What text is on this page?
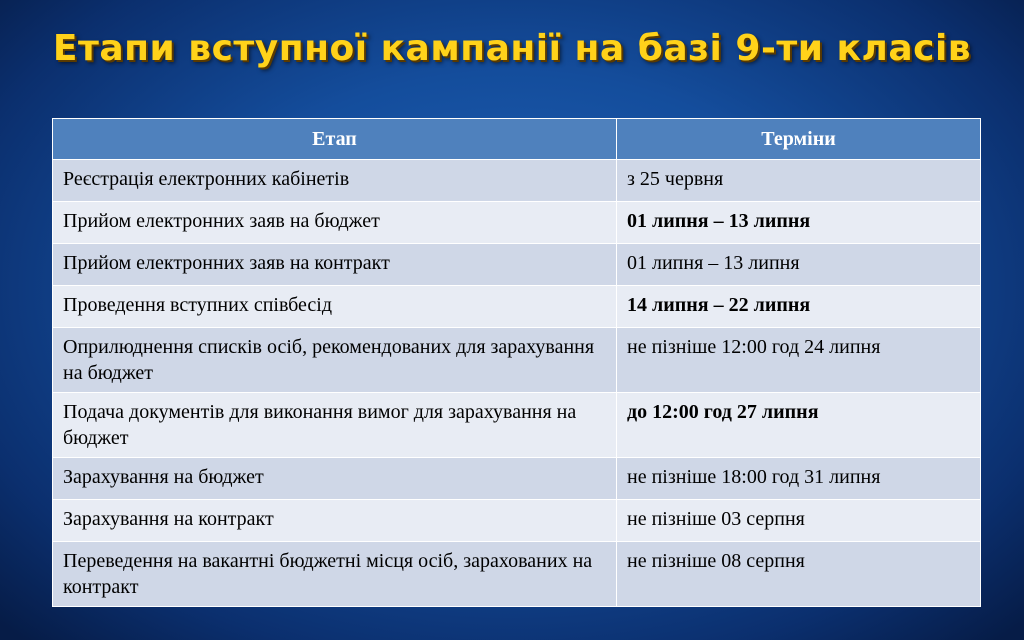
Етапи вступної кампанії на базі 9-ти класів
Етап	Терміни
Реєстрація електронних кабінетів	з 25 червня
Прийом електронних заяв на бюджет	01 липня – 13 липня
Прийом електронних заяв на контракт	01 липня – 13 липня
Проведення вступних співбесід	14 липня – 22 липня
Оприлюднення списків осіб, рекомендованих для зарахування на бюджет	не пізніше 12:00 год 24 липня
Подача документів для виконання вимог для зарахування на бюджет	до 12:00 год 27 липня
Зарахування на бюджет	не пізніше 18:00 год 31 липня
Зарахування на контракт	не пізніше 03 серпня
Переведення на вакантні бюджетні місця осіб, зарахованих на контракт	не пізніше 08 серпня
